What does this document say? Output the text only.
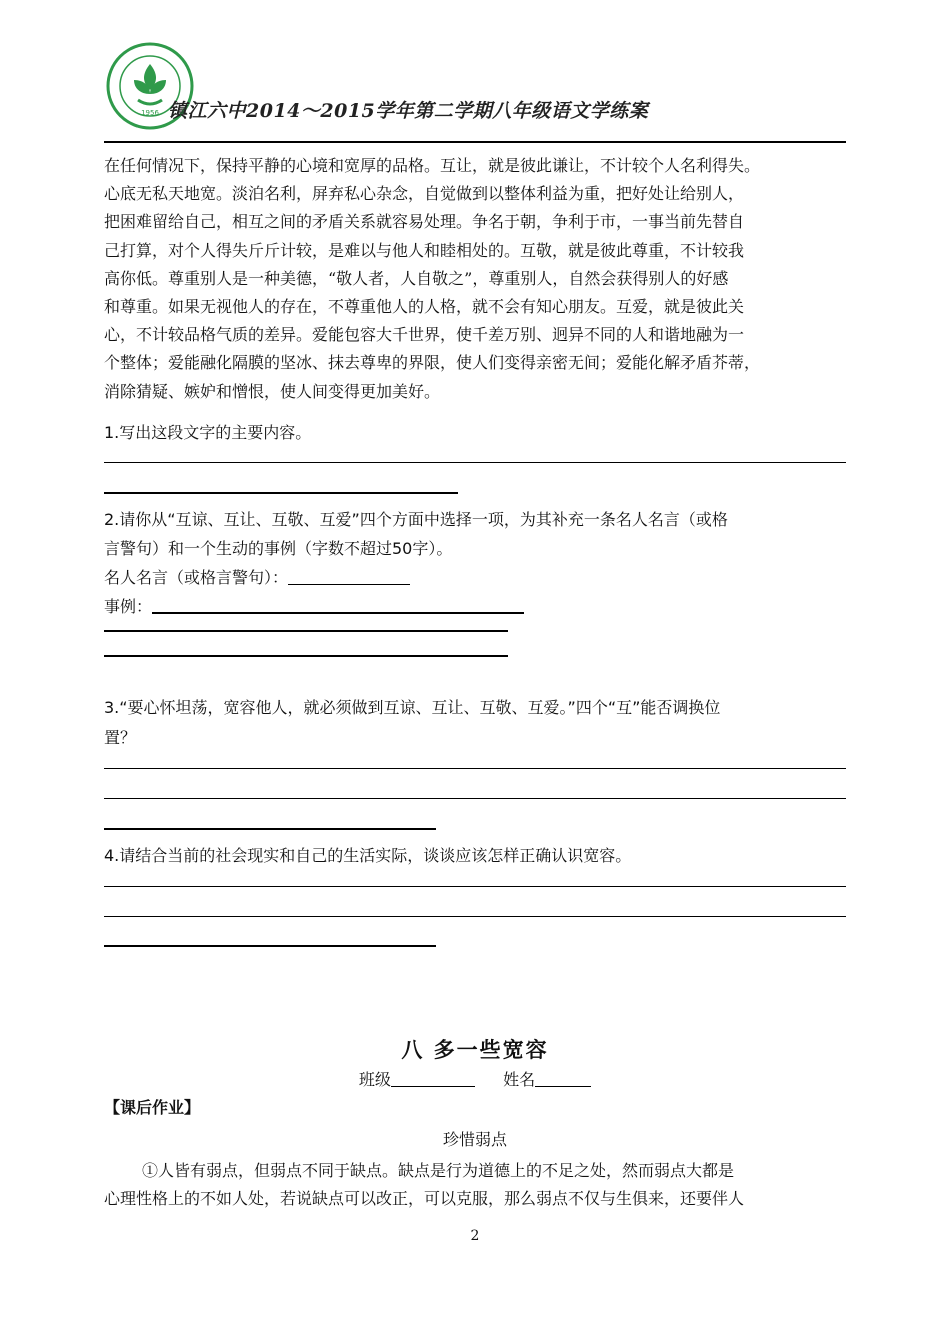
1956 镇江六中2014～2015学年第二学期八年级语文学练案
在任何情况下，保持平静的心境和宽厚的品格。互让，就是彼此谦让，不计较个人名利得失。
心底无私天地宽。淡泊名利，屏弃私心杂念，自觉做到以整体利益为重，把好处让给别人，
把困难留给自己，相互之间的矛盾关系就容易处理。争名于朝，争利于市，一事当前先替自
己打算，对个人得失斤斤计较，是难以与他人和睦相处的。互敬，就是彼此尊重，不计较我
高你低。尊重别人是一种美德，“敬人者，人自敬之”，尊重别人，自然会获得别人的好感
和尊重。如果无视他人的存在，不尊重他人的人格，就不会有知心朋友。互爱，就是彼此关
心，不计较品格气质的差异。爱能包容大千世界，使千差万别、迥异不同的人和谐地融为一
个整体；爱能融化隔膜的坚冰、抹去尊卑的界限，使人们变得亲密无间；爱能化解矛盾芥蒂，
消除猜疑、嫉妒和憎恨，使人间变得更加美好。
1.写出这段文字的主要内容。
2.请你从“互谅、互让、互敬、互爱”四个方面中选择一项，为其补充一条名人名言（或格
言警句）和一个生动的事例（字数不超过50字）。
名人名言（或格言警句）：
事例：
3.“要心怀坦荡，宽容他人，就必须做到互谅、互让、互敬、互爱。”四个“互”能否调换位
置？
4.请结合当前的社会现实和自己的生活实际，谈谈应该怎样正确认识宽容。
八 多一些宽容
班级	姓名
【课后作业】
珍惜弱点
①人皆有弱点，但弱点不同于缺点。缺点是行为道德上的不足之处，然而弱点大都是
心理性格上的不如人处，若说缺点可以改正，可以克服，那么弱点不仅与生俱来，还要伴人
2
